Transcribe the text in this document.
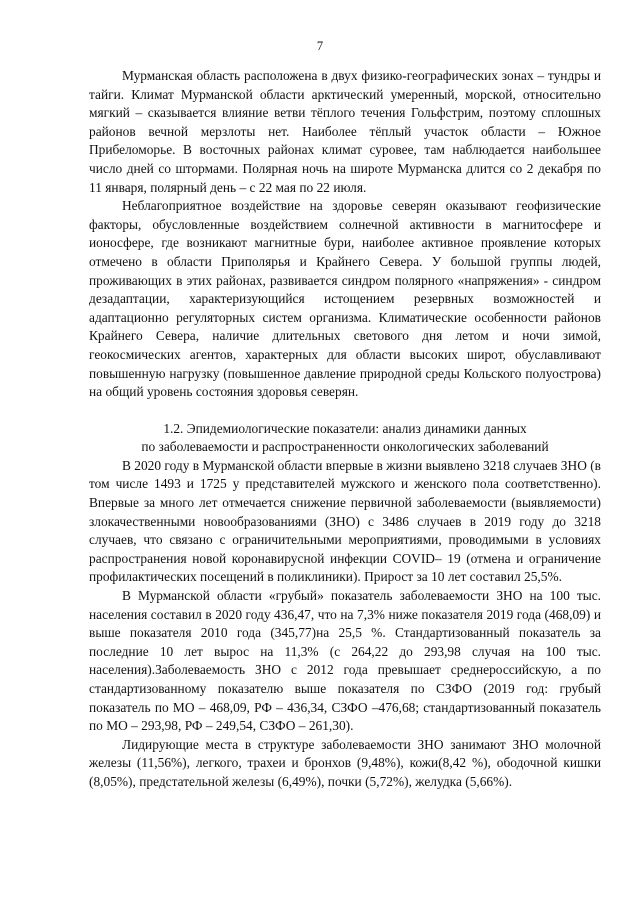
7

Мурманская область расположена в двух физико-географических зонах – тундры и тайги. Климат Мурманской области арктический умеренный, морской, относительно мягкий – сказывается влияние ветви тёплого течения Гольфстрим, поэтому сплошных районов вечной мерзлоты нет. Наиболее тёплый участок области – Южное Прибеломорье. В восточных районах климат суровее, там наблюдается наибольшее число дней со штормами. Полярная ночь на широте Мурманска длится со 2 декабря по 11 января, полярный день – с 22 мая по 22 июля.

Неблагоприятное воздействие на здоровье северян оказывают геофизические факторы, обусловленные воздействием солнечной активности в магнитосфере и ионосфере, где возникают магнитные бури, наиболее активное проявление которых отмечено в области Приполярья и Крайнего Севера. У большой группы людей, проживающих в этих районах, развивается синдром полярного «напряжения» - синдром дезадаптации, характеризующийся истощением резервных возможностей и адаптационно регуляторных систем организма. Климатические особенности районов Крайнего Севера, наличие длительных светового дня летом и ночи зимой, геокосмических агентов, характерных для области высоких широт, обуславливают повышенную нагрузку (повышенное давление природной среды Кольского полуострова) на общий уровень состояния здоровья северян.

1.2. Эпидемиологические показатели: анализ динамики данных
по заболеваемости и распространенности онкологических заболеваний

В 2020 году в Мурманской области впервые в жизни выявлено 3218 случаев ЗНО (в том числе 1493 и 1725 у представителей мужского и женского пола соответственно). Впервые за много лет отмечается снижение первичной заболеваемости (выявляемости) злокачественными новообразованиями (ЗНО) с 3486 случаев в 2019 году до 3218 случаев, что связано с ограничительными мероприятиями, проводимыми в условиях распространения новой коронавирусной инфекции COVID– 19 (отмена и ограничение профилактических посещений в поликлиники). Прирост за 10 лет составил 25,5%.

В Мурманской области «грубый» показатель заболеваемости ЗНО на 100 тыс. населения составил в 2020 году 436,47, что на 7,3% ниже показателя 2019 года (468,09) и выше показателя 2010 года (345,77)на 25,5 %. Стандартизованный показатель за последние 10 лет вырос на 11,3% (с 264,22 до 293,98 случая на 100 тыс. населения).Заболеваемость ЗНО с 2012 года превышает среднероссийскую, а по стандартизованному показателю выше показателя по СЗФО (2019 год: грубый показатель по МО – 468,09, РФ – 436,34, СЗФО –476,68; стандартизованный показатель по МО – 293,98, РФ – 249,54, СЗФО – 261,30).

Лидирующие места в структуре заболеваемости ЗНО занимают ЗНО молочной железы (11,56%), легкого, трахеи и бронхов (9,48%), кожи(8,42 %), ободочной кишки (8,05%), предстательной железы (6,49%), почки (5,72%), желудка (5,66%).
